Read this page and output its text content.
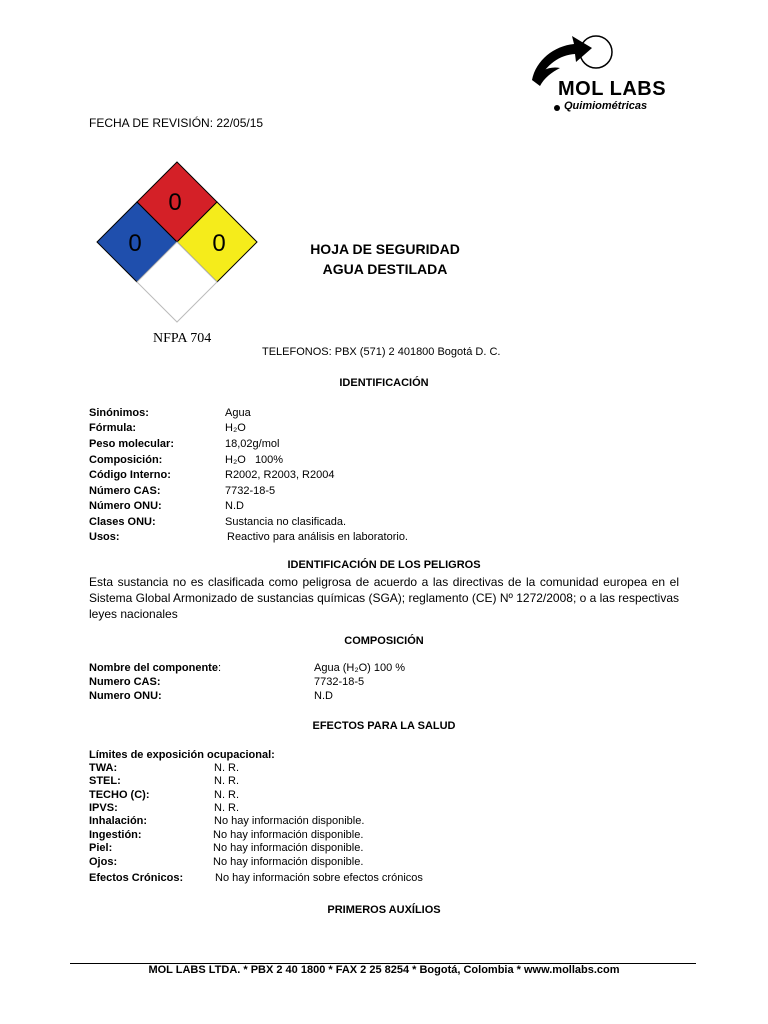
MOL LABS
Quimiométricas
FECHA DE REVISIÓN: 22/05/15
0
0	0
NFPA 704
HOJA DE SEGURIDAD
AGUA DESTILADA
TELEFONOS: PBX (571) 2 401800 Bogotá D. C.
IDENTIFICACIÓN
Sinónimos:	Agua
Fórmula:	H₂O
Peso molecular:	18,02g/mol
Composición:	H₂O   100%
Código Interno:	R2002, R2003, R2004
Número CAS:	7732-18-5
Número ONU:	N.D
Clases ONU:	Sustancia no clasificada.
Usos:	Reactivo para análisis en laboratorio.
IDENTIFICACIÓN DE LOS PELIGROS
Esta sustancia no es clasificada como peligrosa de acuerdo a las directivas de la comunidad europea en el Sistema Global Armonizado de sustancias químicas (SGA); reglamento (CE) Nº 1272/2008; o a las respectivas leyes nacionales
COMPOSICIÓN
Nombre del componente:	Agua (H₂O) 100 %
Numero CAS:	7732-18-5
Numero ONU:	N.D
EFECTOS PARA LA SALUD
Límites de exposición ocupacional:
TWA:	N. R.
STEL:	N. R.
TECHO (C):	N. R.
IPVS:	N. R.
Inhalación:	No hay información disponible.
Ingestión:	No hay información disponible.
Piel:	No hay información disponible.
Ojos:	No hay información disponible.
Efectos Crónicos:	No hay información sobre efectos crónicos
PRIMEROS AUXÍLIOS
MOL LABS LTDA. * PBX 2 40 1800 * FAX 2 25 8254 * Bogotá, Colombia * www.mollabs.com
